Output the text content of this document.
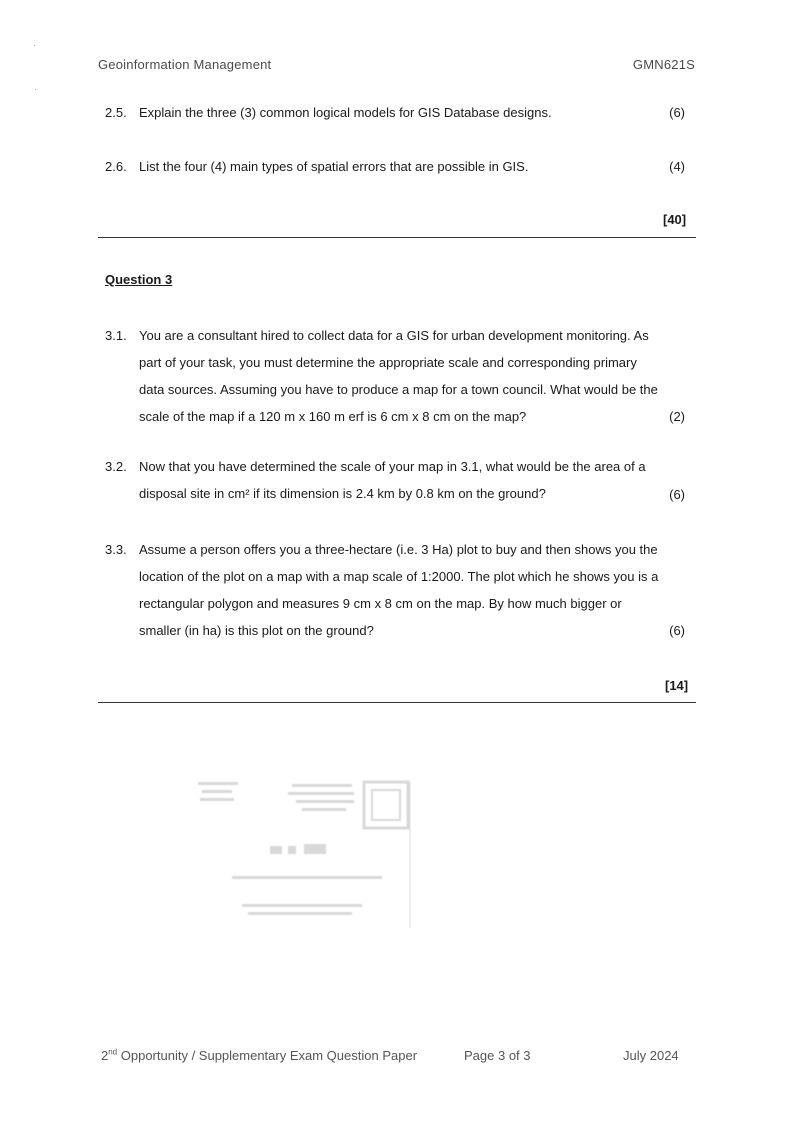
·
·
Geoinformation Management	GMN621S
2.5. Explain the three (3) common logical models for GIS Database designs.	(6)
2.6. List the four (4) main types of spatial errors that are possible in GIS.	(4)
[40]
Question 3
3.1. You are a consultant hired to collect data for a GIS for urban development monitoring. As part of your task, you must determine the appropriate scale and corresponding primary data sources. Assuming you have to produce a map for a town council. What would be the scale of the map if a 120 m x 160 m erf is 6 cm x 8 cm on the map?	(2)
3.2. Now that you have determined the scale of your map in 3.1, what would be the area of a disposal site in cm² if its dimension is 2.4 km by 0.8 km on the ground?	(6)
3.3. Assume a person offers you a three-hectare (i.e. 3 Ha) plot to buy and then shows you the location of the plot on a map with a map scale of 1:2000. The plot which he shows you is a rectangular polygon and measures 9 cm x 8 cm on the map. By how much bigger or smaller (in ha) is this plot on the ground?	(6)
[14]
2nd Opportunity / Supplementary Exam Question Paper	Page 3 of 3	July 2024
